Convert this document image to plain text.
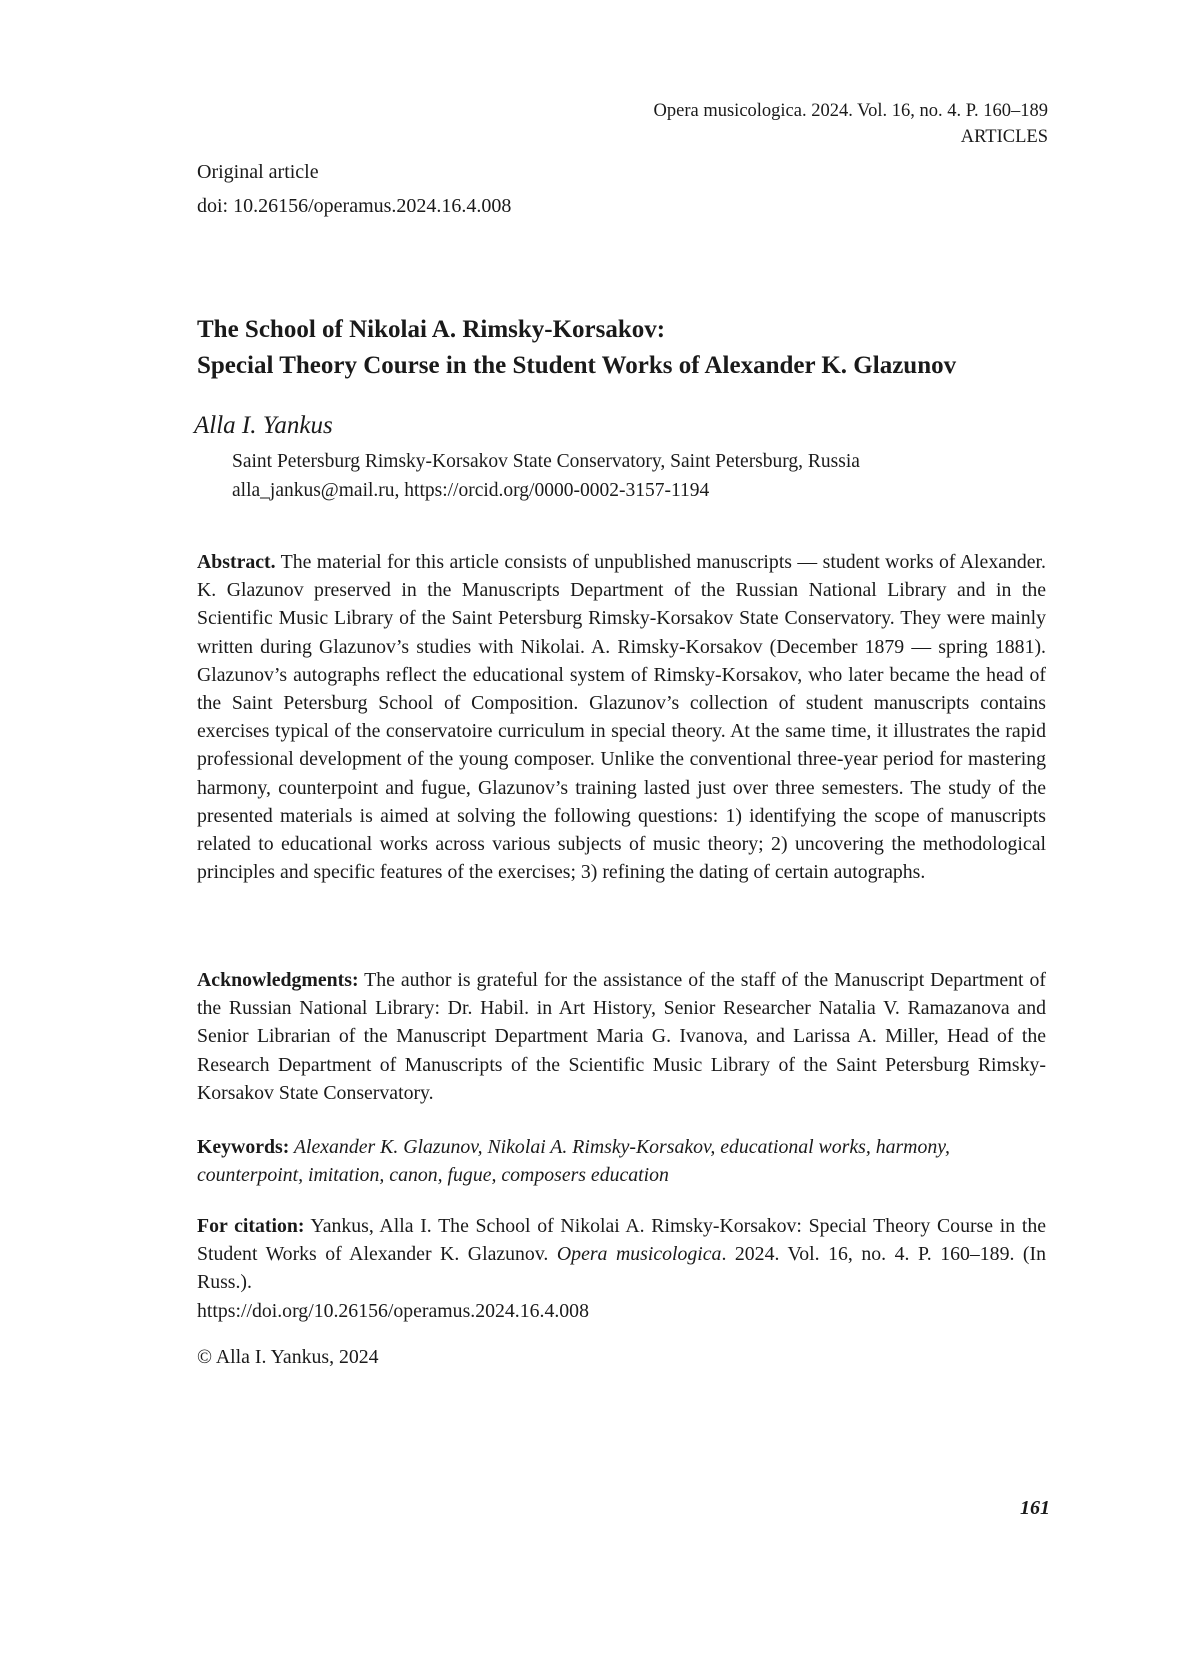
Opera musicologica. 2024. Vol. 16, no. 4. P. 160–189
ARTICLES
Original article
doi: 10.26156/operamus.2024.16.4.008
The School of Nikolai A. Rimsky-Korsakov:
Special Theory Course in the Student Works of Alexander K. Glazunov
Alla I. Yankus
Saint Petersburg Rimsky-Korsakov State Conservatory, Saint Petersburg, Russia
alla_jankus@mail.ru, https://orcid.org/0000-0002-3157-1194

Abstract. The material for this article consists of unpublished manuscripts — student works of Alexander. K. Glazunov preserved in the Manuscripts Department of the Russian National Library and in the Scientific Music Library of the Saint Petersburg Rimsky-Korsakov State Conservatory. They were mainly written during Glazunov’s studies with Nikolai. A. Rimsky-Korsakov (December 1879 — spring 1881). Glazunov’s autographs reflect the educational system of Rimsky-Korsakov, who later became the head of the Saint Petersburg School of Composition. Glazunov’s collection of student manuscripts contains exercises typical of the conservatoire curriculum in special theory. At the same time, it illustrates the rapid professional development of the young composer. Unlike the conventional three-year period for mastering harmony, counterpoint and fugue, Glazunov’s training lasted just over three semesters. The study of the presented materials is aimed at solving the following questions: 1) identifying the scope of manuscripts related to educational works across various subjects of music theory; 2) uncovering the methodological principles and specific features of the exercises; 3) refining the dating of certain autographs.

Acknowledgments: The author is grateful for the assistance of the staff of the Manuscript Department of the Russian National Library: Dr. Habil. in Art History, Senior Researcher Natalia V. Ramazanova and Senior Librarian of the Manuscript Department Maria G. Ivanova, and Larissa A. Miller, Head of the Research Department of Manuscripts of the Scientific Music Library of the Saint Petersburg Rimsky-Korsakov State Conservatory.

Keywords: Alexander K. Glazunov, Nikolai A. Rimsky-Korsakov, educational works, harmony, counterpoint, imitation, canon, fugue, composers education

For citation: Yankus, Alla I. The School of Nikolai A. Rimsky-Korsakov: Special Theory Course in the Student Works of Alexander K. Glazunov. Opera musicologica. 2024. Vol. 16, no. 4. P. 160–189. (In Russ.).

https://doi.org/10.26156/operamus.2024.16.4.008

© Alla I. Yankus, 2024
161
